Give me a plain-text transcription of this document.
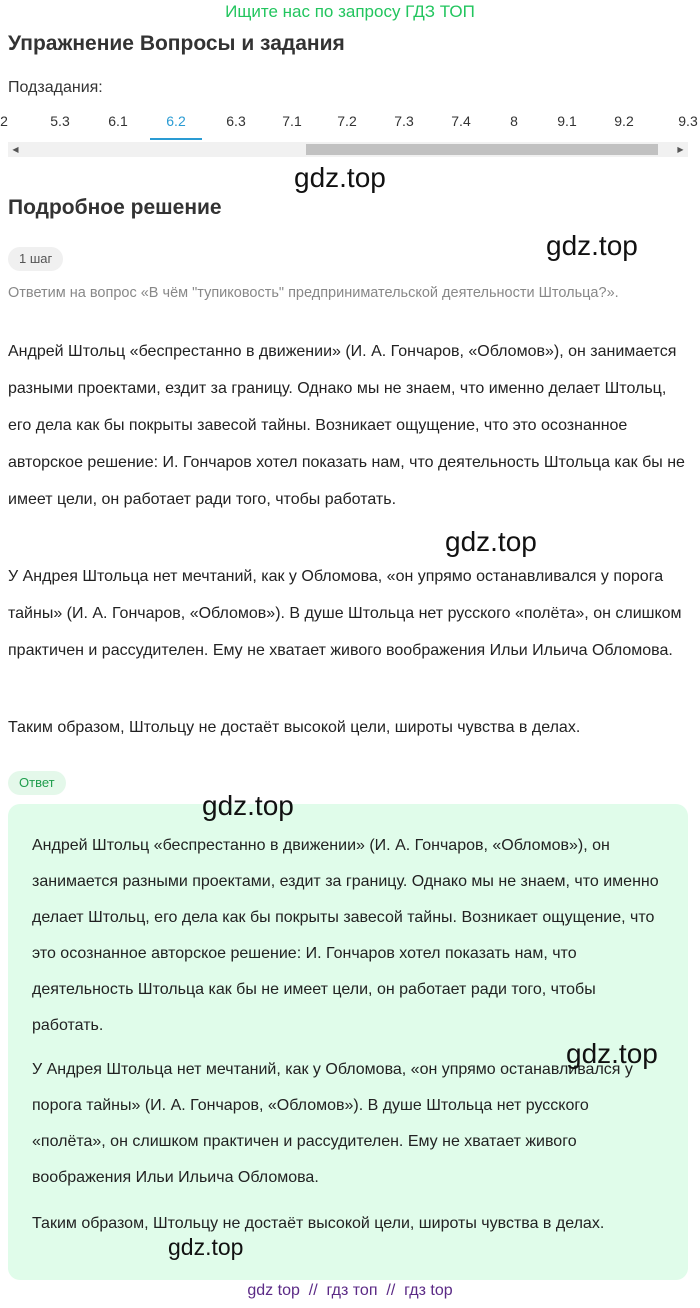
Ищите нас по запросу ГДЗ ТОП
Упражнение Вопросы и задания
Подзадания:
2	5.3	6.1	6.2	6.3	7.1	7.2	7.3	7.4	8	9.1	9.2	9.3
◀	▶
gdz.top
Подробное решение
gdz.top
1 шаг
Ответим на вопрос «В чём "тупиковость" предпринимательской деятельности Штольца?».

Андрей Штольц «беспрестанно в движении» (И. А. Гончаров, «Обломов»), он занимается разными проектами, ездит за границу. Однако мы не знаем, что именно делает Штольц, его дела как бы покрыты завесой тайны. Возникает ощущение, что это осознанное авторское решение: И. Гончаров хотел показать нам, что деятельность Штольца как бы не имеет цели, он работает ради того, чтобы работать.

gdz.top

У Андрея Штольца нет мечтаний, как у Обломова, «он упрямо останавливался у порога тайны» (И. А. Гончаров, «Обломов»). В душе Штольца нет русского «полёта», он слишком практичен и рассудителен. Ему не хватает живого воображения Ильи Ильича Обломова.

Таким образом, Штольцу не достаёт высокой цели, широты чувства в делах.

Ответ
gdz.top

Андрей Штольц «беспрестанно в движении» (И. А. Гончаров, «Обломов»), он занимается разными проектами, ездит за границу. Однако мы не знаем, что именно делает Штольц, его дела как бы покрыты завесой тайны. Возникает ощущение, что это осознанное авторское решение: И. Гончаров хотел показать нам, что деятельность Штольца как бы не имеет цели, он работает ради того, чтобы работать.

У Андрея Штольца нет мечтаний, как у Обломова, «он упрямо останавливался у порога тайны» (И. А. Гончаров, «Обломов»). В душе Штольца нет русского «полёта», он слишком практичен и рассудителен. Ему не хватает живого воображения Ильи Ильича Обломова.

Таким образом, Штольцу не достаёт высокой цели, широты чувства в делах.

gdz.top
gdz.top
gdz top  //  гдз топ  //  гдз top
